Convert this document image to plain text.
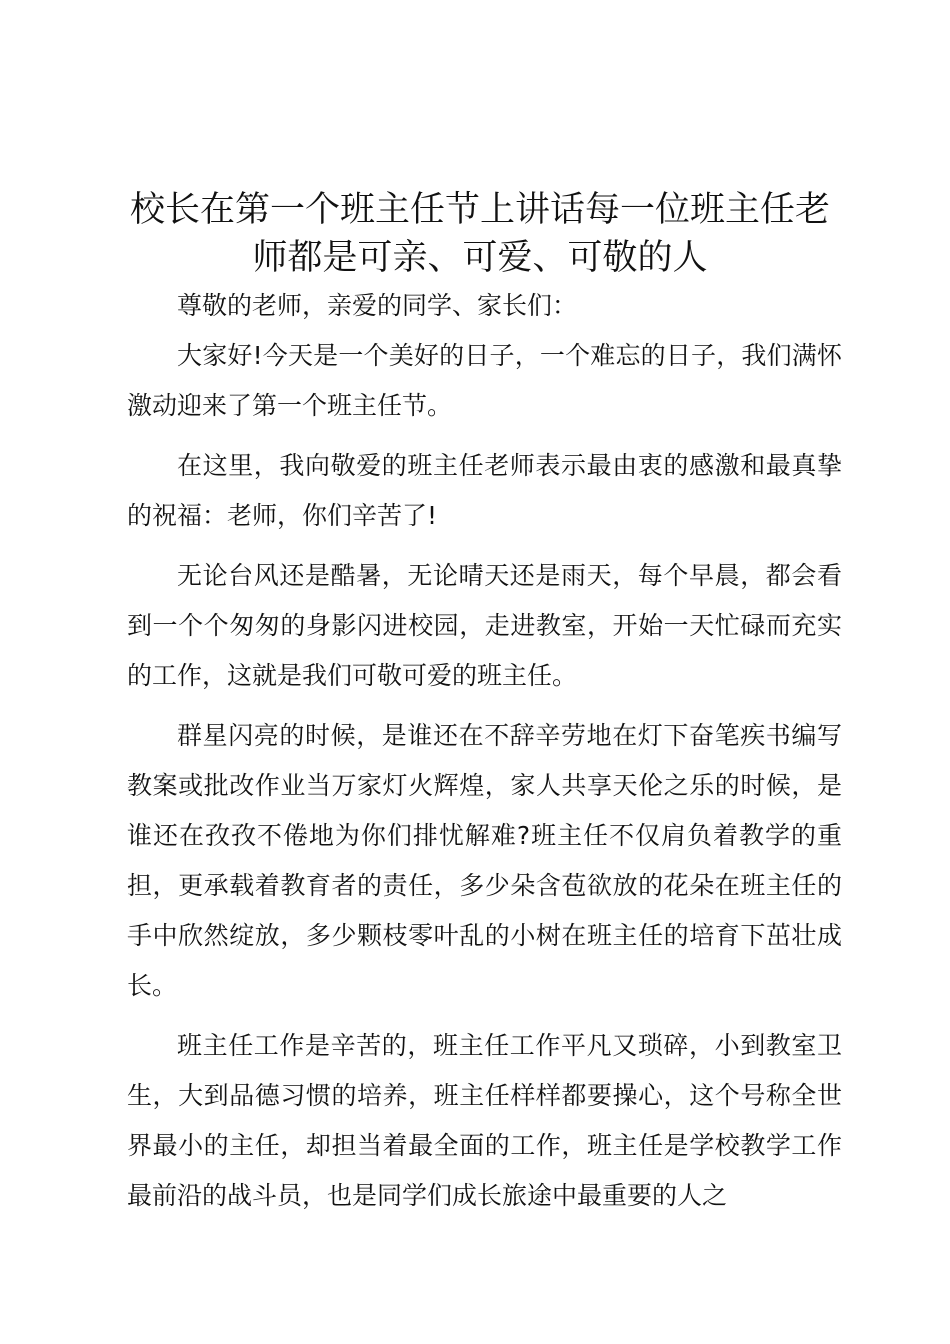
校长在第一个班主任节上讲话每一位班主任老
师都是可亲、可爱、可敬的人

尊敬的老师，亲爱的同学、家长们：

大家好!今天是一个美好的日子，一个难忘的日子，我们满怀激动迎来了第一个班主任节。

在这里，我向敬爱的班主任老师表示最由衷的感激和最真挚的祝福：老师，你们辛苦了!

无论台风还是酷暑，无论晴天还是雨天，每个早晨，都会看到一个个匆匆的身影闪进校园，走进教室，开始一天忙碌而充实的工作，这就是我们可敬可爱的班主任。

群星闪亮的时候，是谁还在不辞辛劳地在灯下奋笔疾书编写教案或批改作业当万家灯火辉煌，家人共享天伦之乐的时候，是谁还在孜孜不倦地为你们排忧解难?班主任不仅肩负着教学的重担，更承载着教育者的责任，多少朵含苞欲放的花朵在班主任的手中欣然绽放，多少颗枝零叶乱的小树在班主任的培育下茁壮成长。

班主任工作是辛苦的，班主任工作平凡又琐碎，小到教室卫生，大到品德习惯的培养，班主任样样都要操心，这个号称全世界最小的主任，却担当着最全面的工作，班主任是学校教学工作最前沿的战斗员，也是同学们成长旅途中最重要的人之
